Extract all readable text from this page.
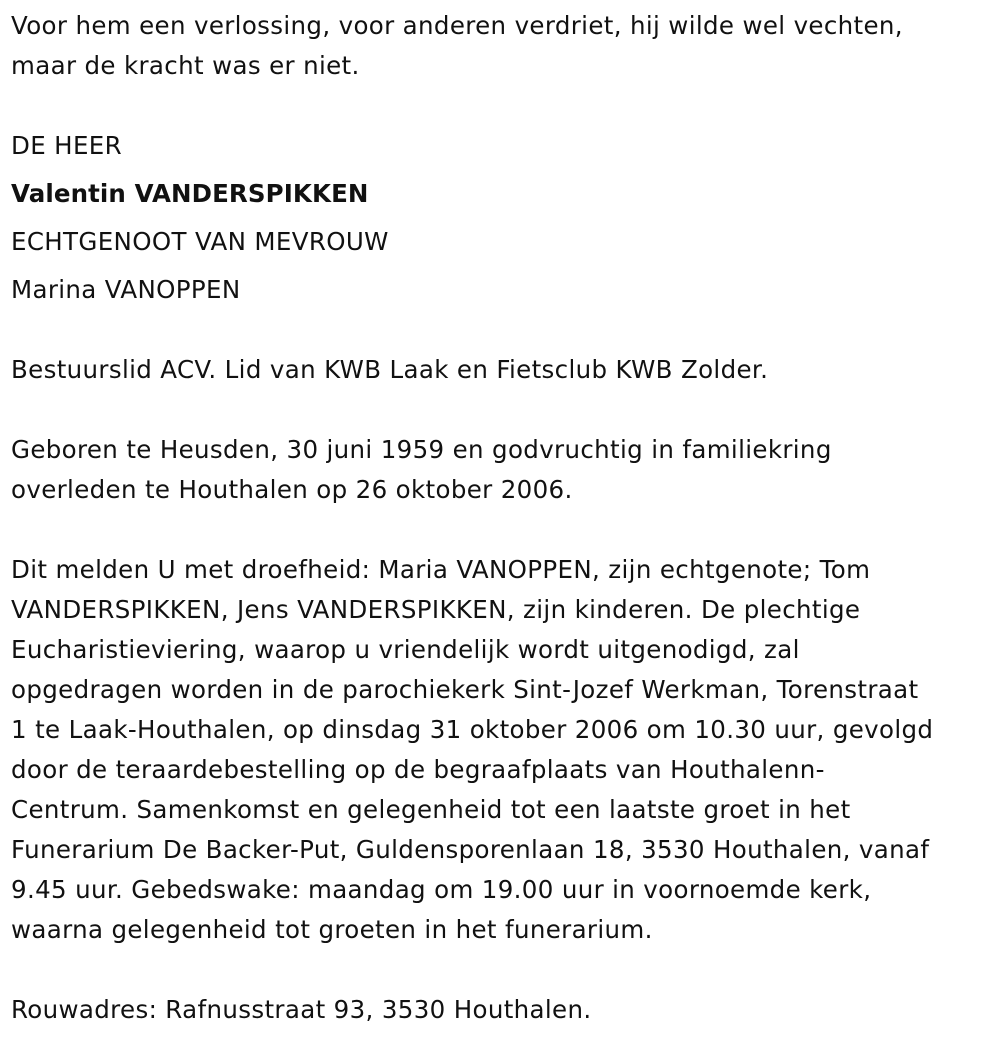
Voor hem een verlossing, voor anderen verdriet, hij wilde wel vechten,
maar de kracht was er niet.
DE HEER
Valentin VANDERSPIKKEN
ECHTGENOOT VAN MEVROUW
Marina VANOPPEN
Bestuurslid ACV. Lid van KWB Laak en Fietsclub KWB Zolder.
Geboren te Heusden, 30 juni 1959 en godvruchtig in familiekring
overleden te Houthalen op 26 oktober 2006.
Dit melden U met droefheid: Maria VANOPPEN, zijn echtgenote; Tom
VANDERSPIKKEN, Jens VANDERSPIKKEN, zijn kinderen. De plechtige
Eucharistieviering, waarop u vriendelijk wordt uitgenodigd, zal
opgedragen worden in de parochiekerk Sint-Jozef Werkman, Torenstraat
1 te Laak-Houthalen, op dinsdag 31 oktober 2006 om 10.30 uur, gevolgd
door de teraardebestelling op de begraafplaats van Houthalenn-
Centrum. Samenkomst en gelegenheid tot een laatste groet in het
Funerarium De Backer-Put, Guldensporenlaan 18, 3530 Houthalen, vanaf
9.45 uur. Gebedswake: maandag om 19.00 uur in voornoemde kerk,
waarna gelegenheid tot groeten in het funerarium.
Rouwadres: Rafnusstraat 93, 3530 Houthalen.
